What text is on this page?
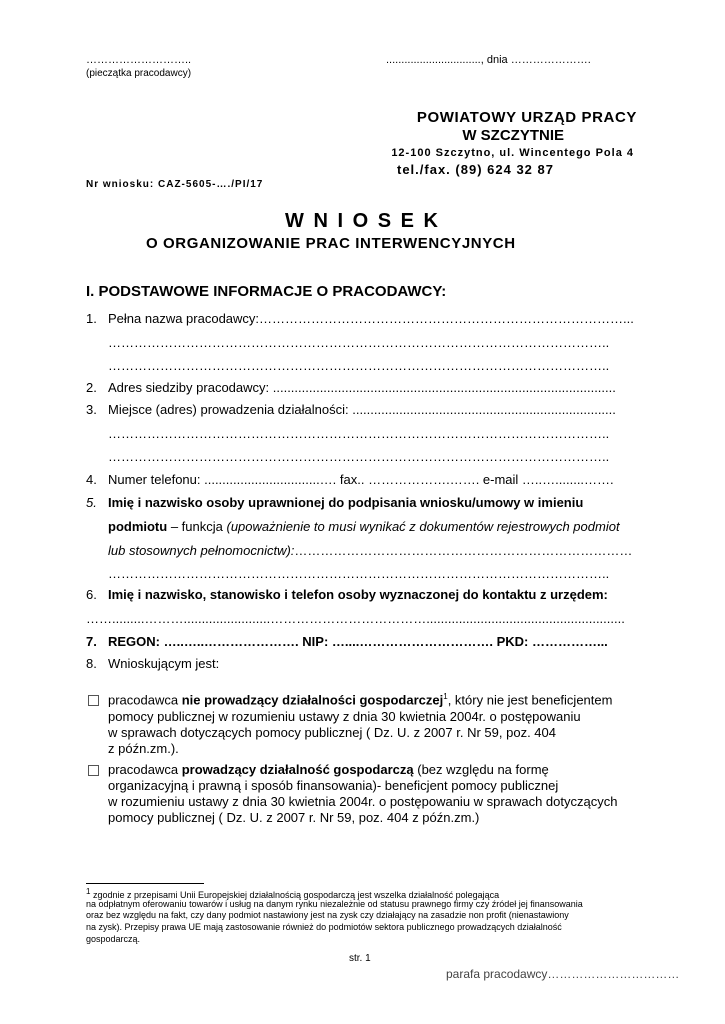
………………………..
(pieczątka pracodawcy)
..............................., dnia ………………….
POWIATOWY URZĄD PRACY
W SZCZYTNIE
12-100 Szczytno, ul. Wincentego Pola 4
tel./fax. (89) 624 32 87
Nr wniosku: CAZ-5605-…./PI/17
W N I O S E K
O ORGANIZOWANIE PRAC INTERWENCYJNYCH
I. PODSTAWOWE INFORMACJE O PRACODAWCY:
1. Pełna nazwa pracodawcy:…………………………………………………………………………...
……………………………………………………………………………………………………..
……………………………………………………………………………………………………..
2. Adres siedziby pracodawcy: ...............................................................................................
3. Miejsce (adres) prowadzenia działalności: .........................................................................
……………………………………………………………………………………………………..
……………………………………………………………………………………………………..
4. Numer telefonu: ................................…. fax.. ……………….……. e-mail …..…........…….
5. Imię i nazwisko osoby uprawnionej do podpisania wniosku/umowy w imieniu
podmiotu – funkcja (upoważnienie to musi wynikać z dokumentów rejestrowych podmiot
lub stosownych pełnomocnictw):……………………………………………………………………
……………………………………………………………………………………………………..
6. Imię i nazwisko, stanowisko i telefon osoby wyznaczonej do kontaktu z urzędem:
…….........………........................……………………………….......................................................
7. REGON: …..…..…………………. NIP: …....…………………………. PKD: ……………...
8. Wnioskującym jest:
pracodawca nie prowadzący działalności gospodarczej$^1$, który nie jest beneficjentem
pomocy publicznej w rozumieniu ustawy z dnia 30 kwietnia 2004r. o postępowaniu
w sprawach dotyczących pomocy publicznej ( Dz. U. z 2007 r. Nr 59, poz. 404
z późn.zm.).
pracodawca prowadzący działalność gospodarczą (bez względu na formę
organizacyjną i prawną i sposób finansowania)- beneficjent pomocy publicznej
w rozumieniu ustawy z dnia 30 kwietnia 2004r. o postępowaniu w sprawach dotyczących
pomocy publicznej ( Dz. U. z 2007 r. Nr 59, poz. 404 z późn.zm.)
$^1$ zgodnie z przepisami Unii Europejskiej działalnością gospodarczą jest wszelka działalność polegająca
na odpłatnym oferowaniu towarów i usług na danym rynku niezależnie od statusu prawnego firmy czy źródeł jej finansowania
oraz bez względu na fakt, czy dany podmiot nastawiony jest na zysk czy działający na zasadzie non profit (nienastawiony
na zysk). Przepisy prawa UE mają zastosowanie również do podmiotów sektora publicznego prowadzących działalność
gospodarczą.
str. 1
parafa pracodawcy……………………………
